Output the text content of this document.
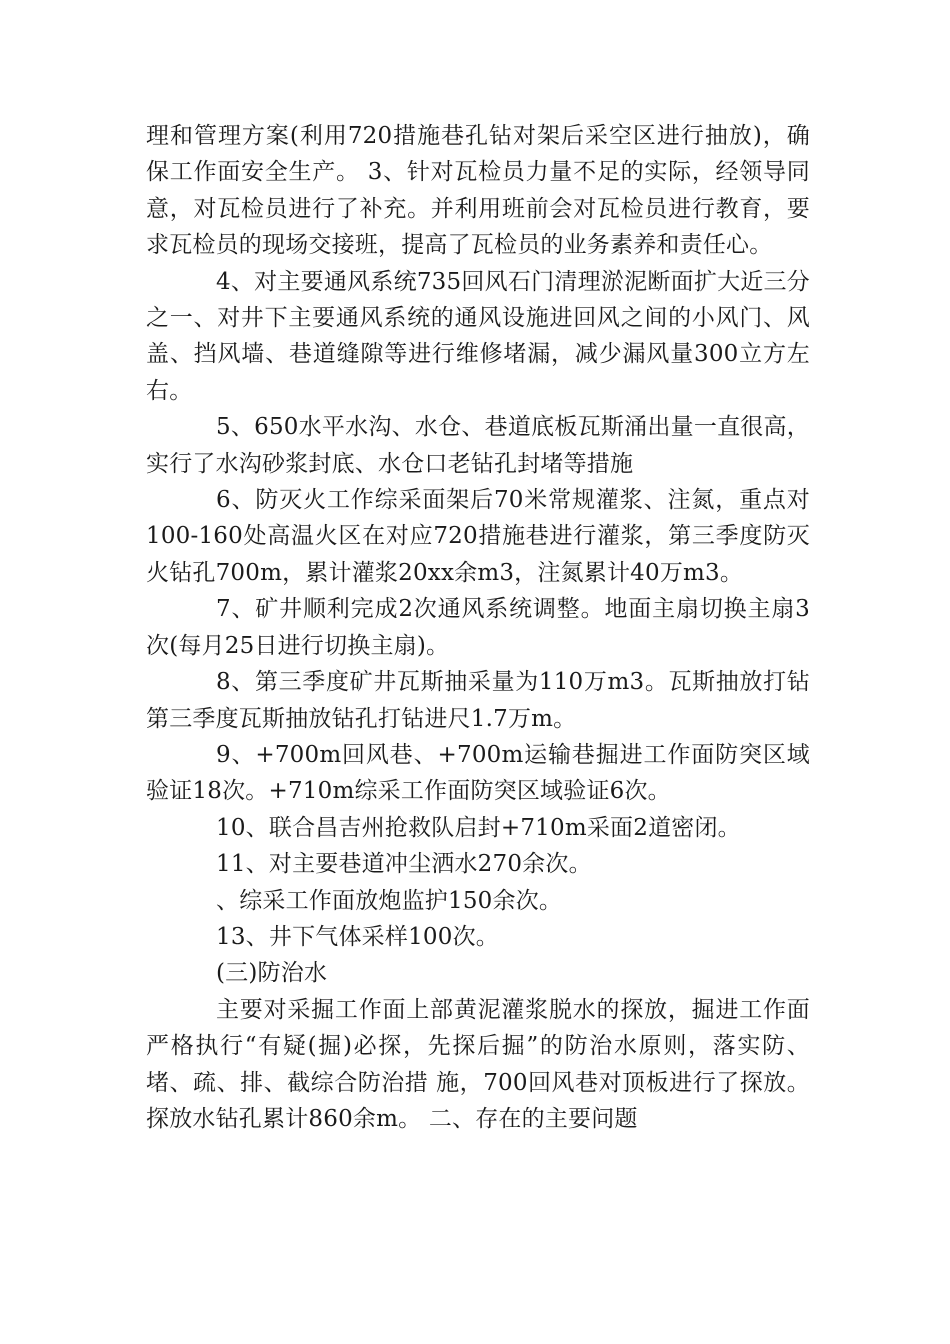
理和管理方案(利用720措施巷孔钻对架后采空区进行抽放)，确保工作面安全生产。 3、针对瓦检员力量不足的实际，经领导同意，对瓦检员进行了补充。并利用班前会对瓦检员进行教育，要求瓦检员的现场交接班，提高了瓦检员的业务素养和责任心。

4、对主要通风系统735回风石门清理淤泥断面扩大近三分之一、对井下主要通风系统的通风设施进回风之间的小风门、风盖、挡风墙、巷道缝隙等进行维修堵漏，减少漏风量300立方左右。

5、650水平水沟、水仓、巷道底板瓦斯涌出量一直很高，实行了水沟砂浆封底、水仓口老钻孔封堵等措施

6、防灭火工作综采面架后70米常规灌浆、注氮，重点对100-160处高温火区在对应720措施巷进行灌浆，第三季度防灭火钻孔700m，累计灌浆20xx余m3，注氮累计40万m3。

7、矿井顺利完成2次通风系统调整。地面主扇切换主扇3次(每月25日进行切换主扇)。

8、第三季度矿井瓦斯抽采量为110万m3。瓦斯抽放打钻第三季度瓦斯抽放钻孔打钻进尺1.7万m。

9、+700m回风巷、+700m运输巷掘进工作面防突区域验证18次。+710m综采工作面防突区域验证6次。

10、联合昌吉州抢救队启封+710m采面2道密闭。

11、对主要巷道冲尘洒水270余次。

、综采工作面放炮监护150余次。

13、井下气体采样100次。

(三)防治水

主要对采掘工作面上部黄泥灌浆脱水的探放，掘进工作面严格执行“有疑(掘)必探，先探后掘”的防治水原则，落实防、堵、疏、排、截综合防治措 施，700回风巷对顶板进行了探放。探放水钻孔累计860余m。 二、存在的主要问题
